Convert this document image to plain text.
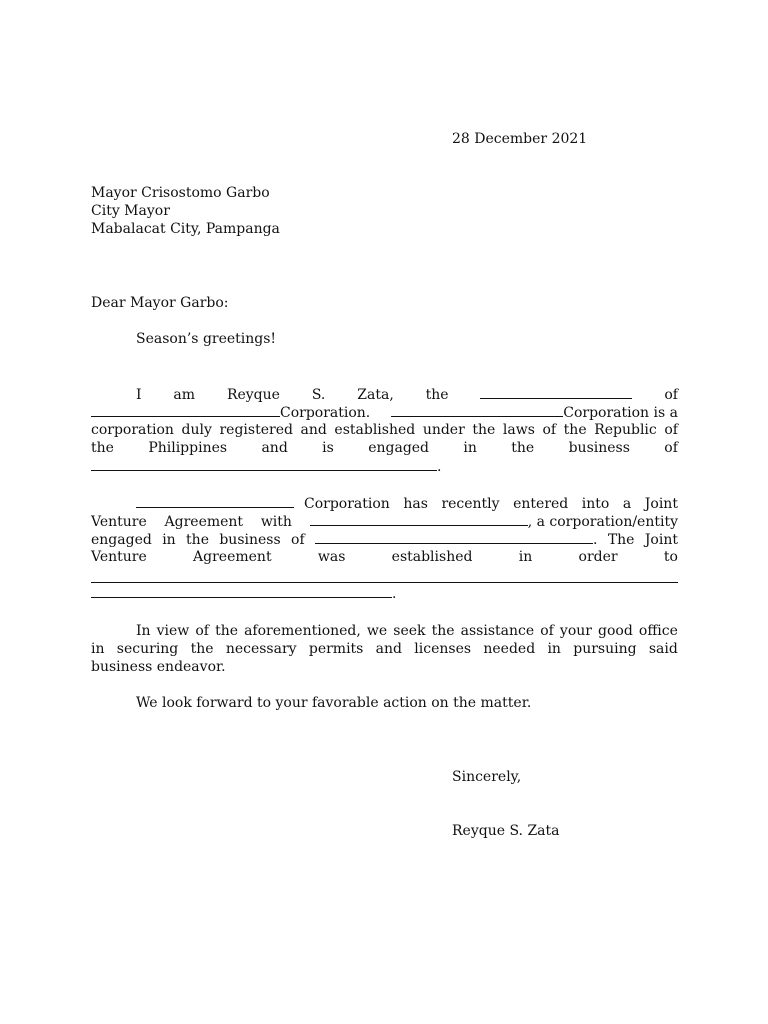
28 December 2021
Mayor Crisostomo Garbo
City Mayor
Mabalacat City, Pampanga
Dear Mayor Garbo:
Season’s greetings!
I am Reyque S. Zata, the	of
Corporation.	Corporation is a
corporation duly registered and established under the laws of the Republic of
the Philippines and is engaged in the business of
.
Corporation has recently entered into a Joint
Venture Agreement with	, a corporation/entity
engaged in the business of	. The Joint
Venture	Agreement	was	established	in	order	to
.
In view of the aforementioned, we seek the assistance of your good office
in securing the necessary permits and licenses needed in pursuing said
business endeavor.
We look forward to your favorable action on the matter.
Sincerely,
Reyque S. Zata
